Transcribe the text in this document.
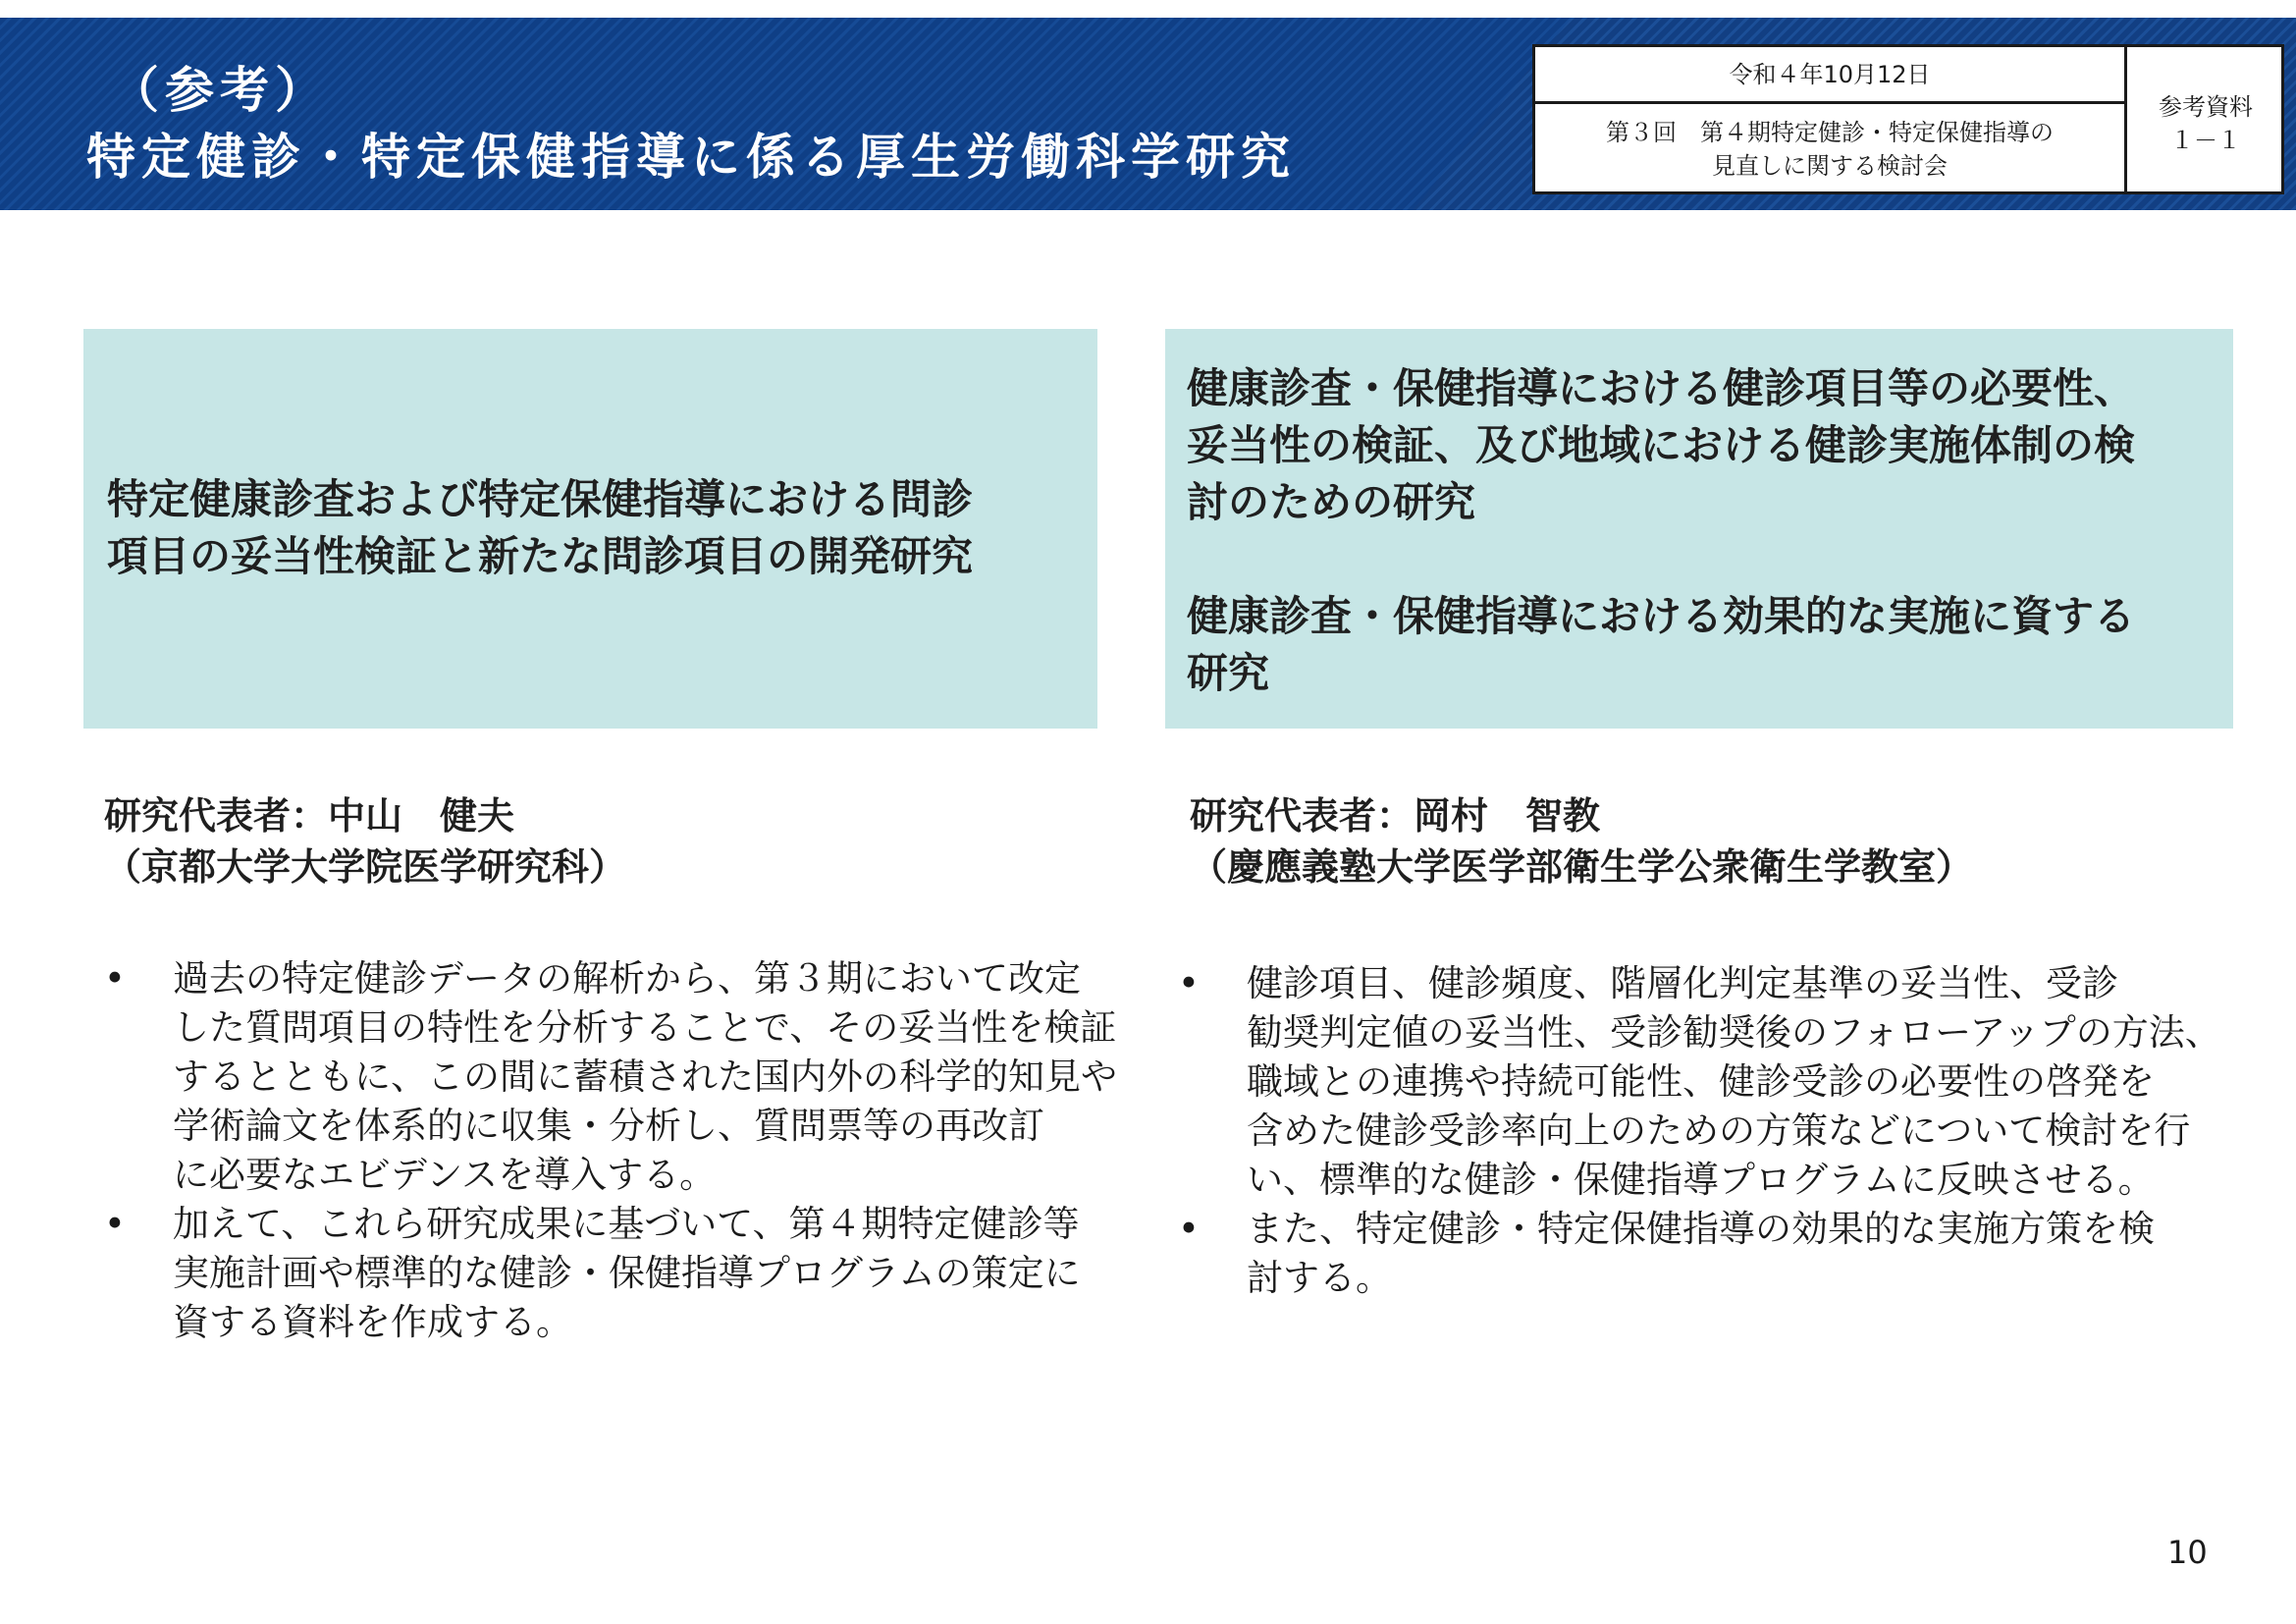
（参考）
特定健診・特定保健指導に係る厚生労働科学研究
令和４年10月12日
第３回　第４期特定健診・特定保健指導の
見直しに関する検討会
参考資料
１－１
特定健康診査および特定保健指導における問診
項目の妥当性検証と新たな問診項目の開発研究
健康診査・保健指導における健診項目等の必要性、
妥当性の検証、及び地域における健診実施体制の検
討のための研究
健康診査・保健指導における効果的な実施に資する
研究
研究代表者：中山　健夫
（京都大学大学院医学研究科）
研究代表者：岡村　智教
（慶應義塾大学医学部衛生学公衆衛生学教室）
• 過去の特定健診データの解析から、第３期において改定
した質問項目の特性を分析することで、その妥当性を検証
するとともに、この間に蓄積された国内外の科学的知見や
学術論文を体系的に収集・分析し、質問票等の再改訂
に必要なエビデンスを導入する。
• 加えて、これら研究成果に基づいて、第４期特定健診等
実施計画や標準的な健診・保健指導プログラムの策定に
資する資料を作成する。
• 健診項目、健診頻度、階層化判定基準の妥当性、受診
勧奨判定値の妥当性、受診勧奨後のフォローアップの方法、
職域との連携や持続可能性、健診受診の必要性の啓発を
含めた健診受診率向上のための方策などについて検討を行
い、標準的な健診・保健指導プログラムに反映させる。
• また、特定健診・特定保健指導の効果的な実施方策を検
討する。
10
